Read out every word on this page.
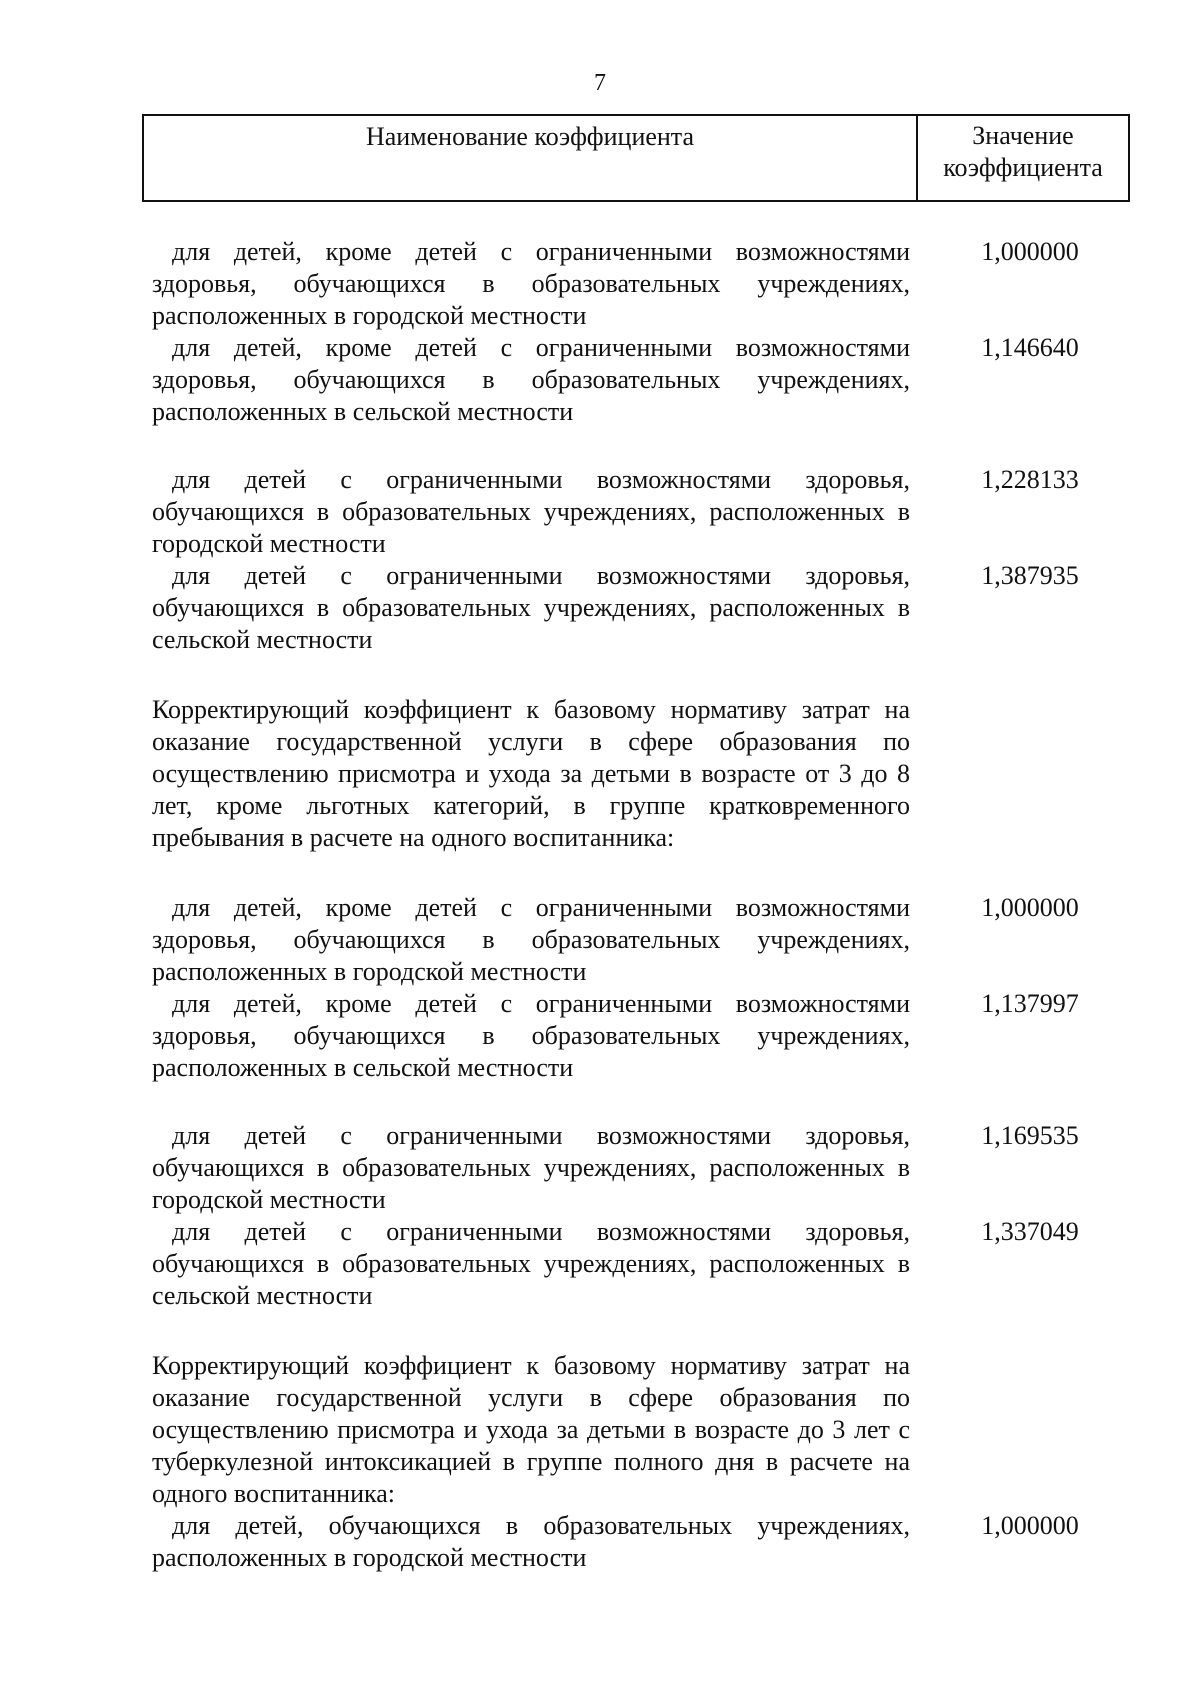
7
Наименование коэффициента	Значение
коэффициента
для детей, кроме детей с ограниченными возможностями здоровья, обучающихся в образовательных учреждениях, расположенных в городской местности
1,000000
для детей, кроме детей с ограниченными возможностями здоровья, обучающихся в образовательных учреждениях, расположенных в сельской местности
1,146640
для детей с ограниченными возможностями здоровья, обучающихся в образовательных учреждениях, расположенных в городской местности
1,228133
для детей с ограниченными возможностями здоровья, обучающихся в образовательных учреждениях, расположенных в сельской местности
1,387935
Корректирующий коэффициент к базовому нормативу затрат на оказание государственной услуги в сфере образования по осуществлению присмотра и ухода за детьми в возрасте от 3 до 8 лет, кроме льготных категорий, в группе кратковременного пребывания в расчете на одного воспитанника:
для детей, кроме детей с ограниченными возможностями здоровья, обучающихся в образовательных учреждениях, расположенных в городской местности
1,000000
для детей, кроме детей с ограниченными возможностями здоровья, обучающихся в образовательных учреждениях, расположенных в сельской местности
1,137997
для детей с ограниченными возможностями здоровья, обучающихся в образовательных учреждениях, расположенных в городской местности
1,169535
для детей с ограниченными возможностями здоровья, обучающихся в образовательных учреждениях, расположенных в сельской местности
1,337049
Корректирующий коэффициент к базовому нормативу затрат на оказание государственной услуги в сфере образования по осуществлению присмотра и ухода за детьми в возрасте до 3 лет с туберкулезной интоксикацией в группе полного дня в расчете на одного воспитанника:
для детей, обучающихся в образовательных учреждениях, расположенных в городской местности
1,000000
